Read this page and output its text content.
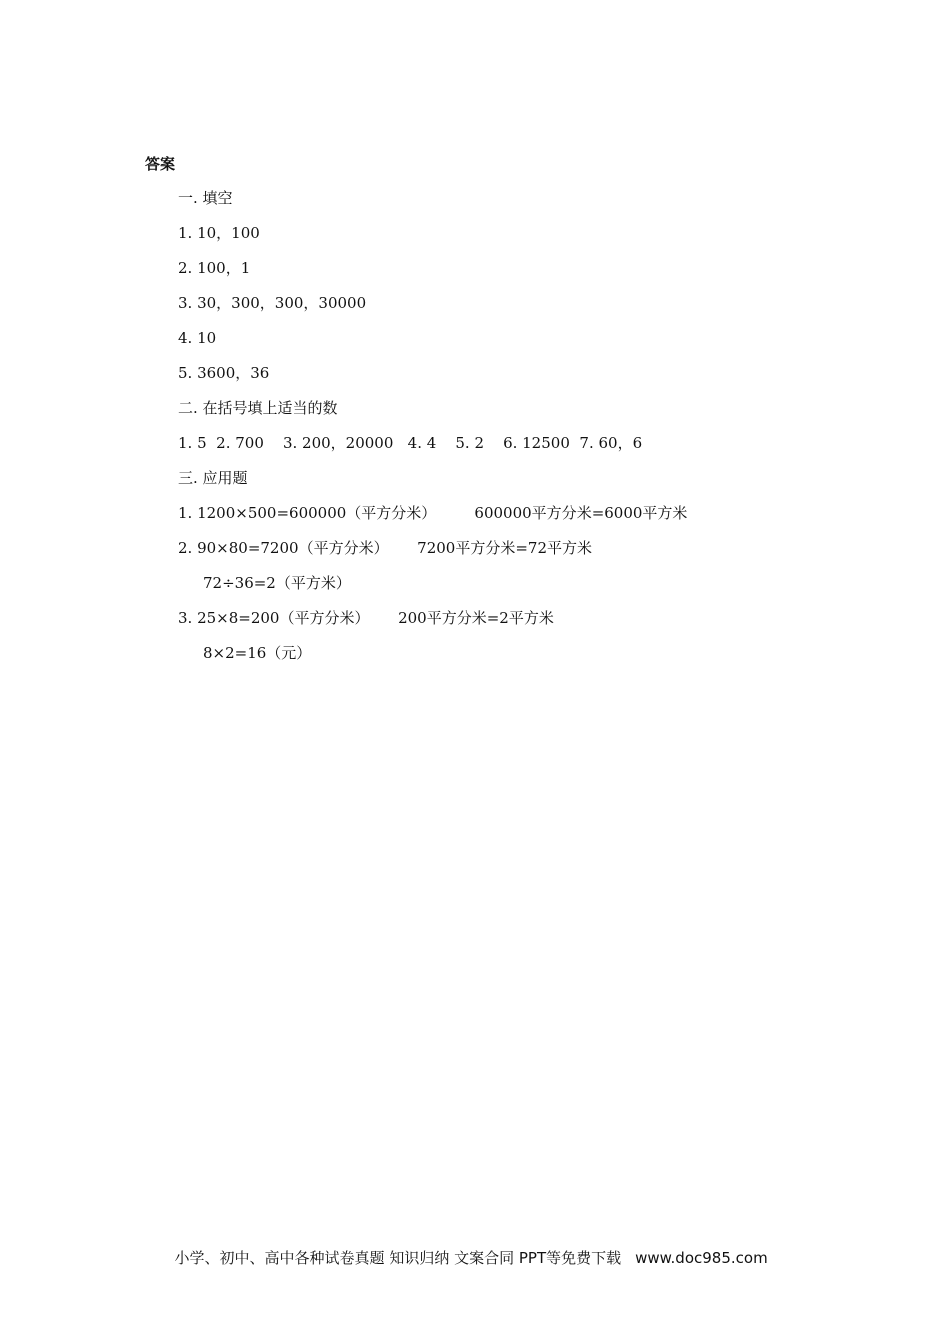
答案
一. 填空
1. 10，100
2. 100，1
3. 30，300，300，30000
4. 10
5. 3600，36
二. 在括号填上适当的数
1. 5  2. 700    3. 200，20000   4. 4    5. 2    6. 12500  7. 60，6
三. 应用题
1. 1200×500=600000（平方分米）        600000平方分米=6000平方米
2. 90×80=7200（平方分米）      7200平方分米=72平方米
72÷36=2（平方米）
3. 25×8=200（平方分米）      200平方分米=2平方米
8×2=16（元）

小学、初中、高中各种试卷真题 知识归纳 文案合同 PPT等免费下载 www.doc985.com
